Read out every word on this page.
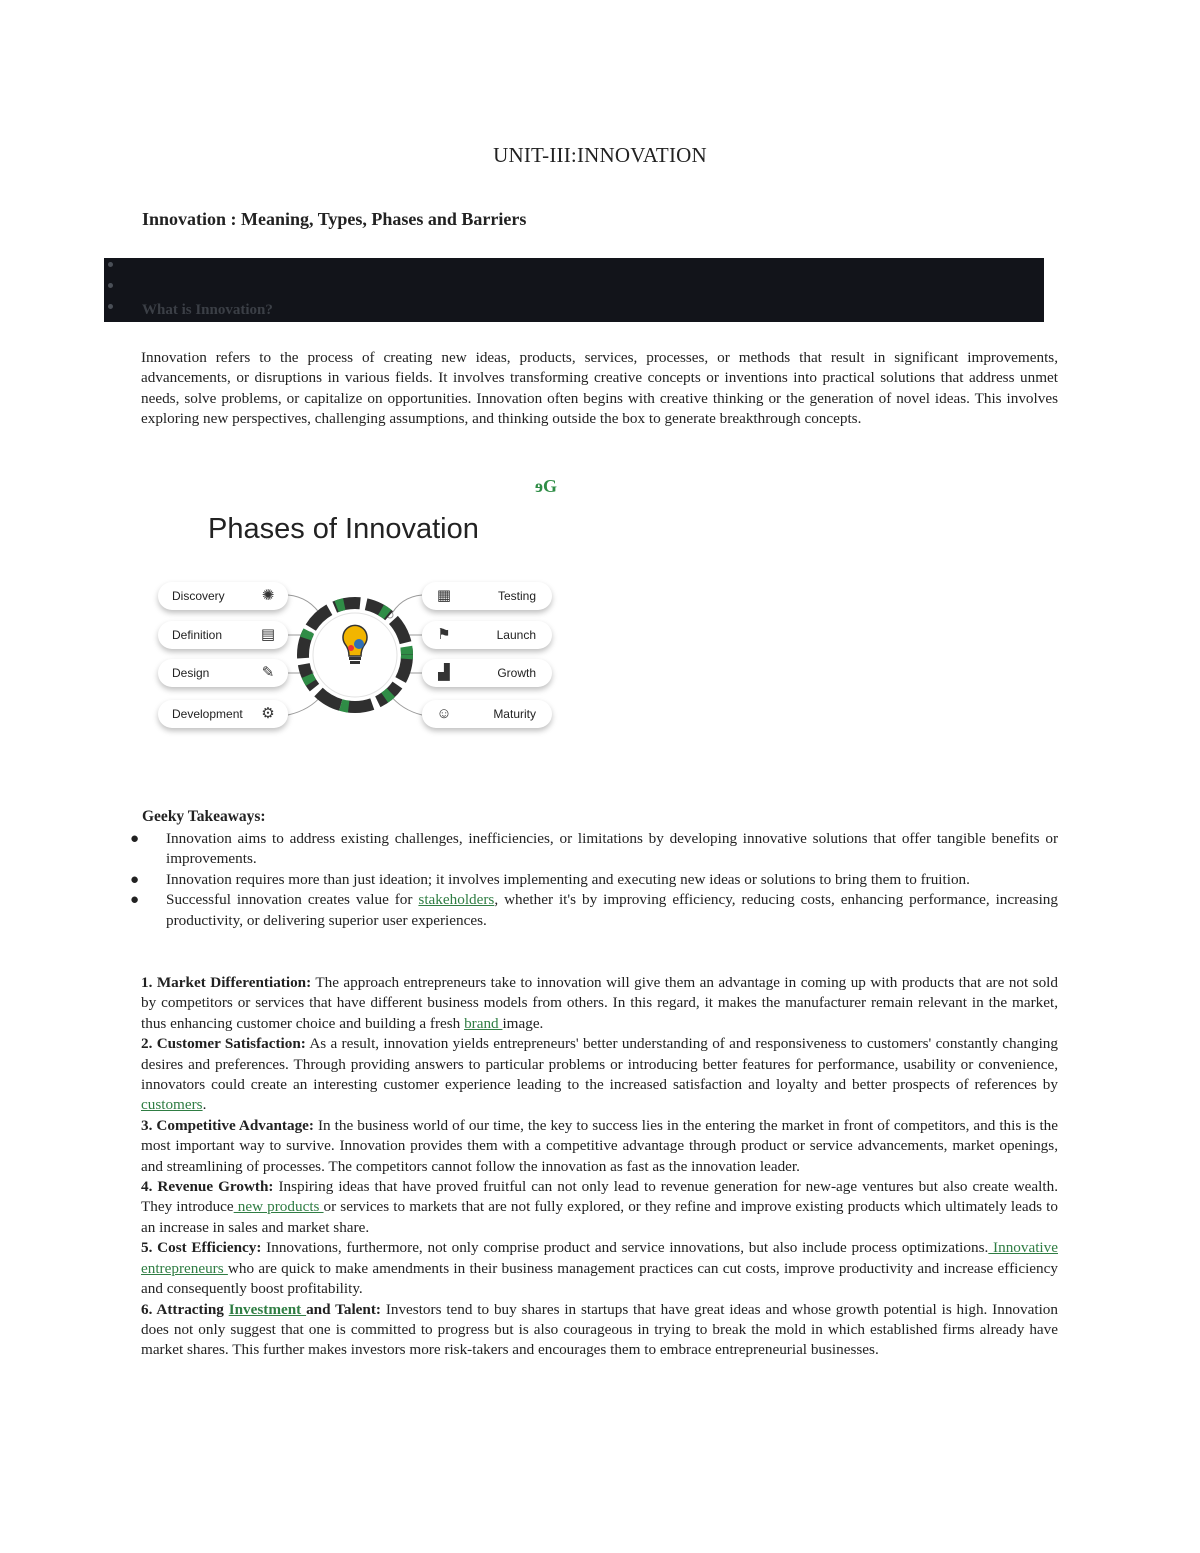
UNIT-III:INNOVATION
Innovation : Meaning, Types, Phases and Barriers
What is Innovation?
Innovation refers to the process of creating new ideas, products, services, processes, or methods that result in significant improvements, advancements, or disruptions in various fields. It involves transforming creative concepts or inventions into practical solutions that address unmet needs, solve problems, or capitalize on opportunities. Innovation often begins with creative thinking or the generation of novel ideas. This involves exploring new perspectives, challenging assumptions, and thinking outside the box to generate breakthrough concepts.
ɘG
Phases of Innovation
Discovery ✺
Definition	▤
Design	✎
Development ⚙
▦	Testing
⚑	Launch
▟	Growth
☺	Maturity
Geeky Takeaways:
● Innovation aims to address existing challenges, inefficiencies, or limitations by developing innovative solutions that offer tangible benefits or improvements.
● Innovation requires more than just ideation; it involves implementing and executing new ideas or solutions to bring them to fruition.
● Successful innovation creates value for stakeholders, whether it's by improving efficiency, reducing costs, enhancing performance, increasing productivity, or delivering superior user experiences.

1. Market Differentiation: The approach entrepreneurs take to innovation will give them an advantage in coming up with products that are not sold by competitors or services that have different business models from others. In this regard, it makes the manufacturer remain relevant in the market, thus enhancing customer choice and building a fresh brand image.

2. Customer Satisfaction: As a result, innovation yields entrepreneurs' better understanding of and responsiveness to customers' constantly changing desires and preferences. Through providing answers to particular problems or introducing better features for performance, usability or convenience, innovators could create an interesting customer experience leading to the increased satisfaction and loyalty and better prospects of references by customers.

3. Competitive Advantage: In the business world of our time, the key to success lies in the entering the market in front of competitors, and this is the most important way to survive. Innovation provides them with a competitive advantage through product or service advancements, market openings, and streamlining of processes. The competitors cannot follow the innovation as fast as the innovation leader.

4. Revenue Growth: Inspiring ideas that have proved fruitful can not only lead to revenue generation for new-age ventures but also create wealth. They introduce new products or services to markets that are not fully explored, or they refine and improve existing products which ultimately leads to an increase in sales and market share.

5. Cost Efficiency: Innovations, furthermore, not only comprise product and service innovations, but also include process optimizations. Innovative entrepreneurs who are quick to make amendments in their business management practices can cut costs, improve productivity and increase efficiency and consequently boost profitability.

6. Attracting Investment and Talent: Investors tend to buy shares in startups that have great ideas and whose growth potential is high. Innovation does not only suggest that one is committed to progress but is also courageous in trying to break the mold in which established firms already have market shares. This further makes investors more risk-takers and encourages them to embrace entrepreneurial businesses.
